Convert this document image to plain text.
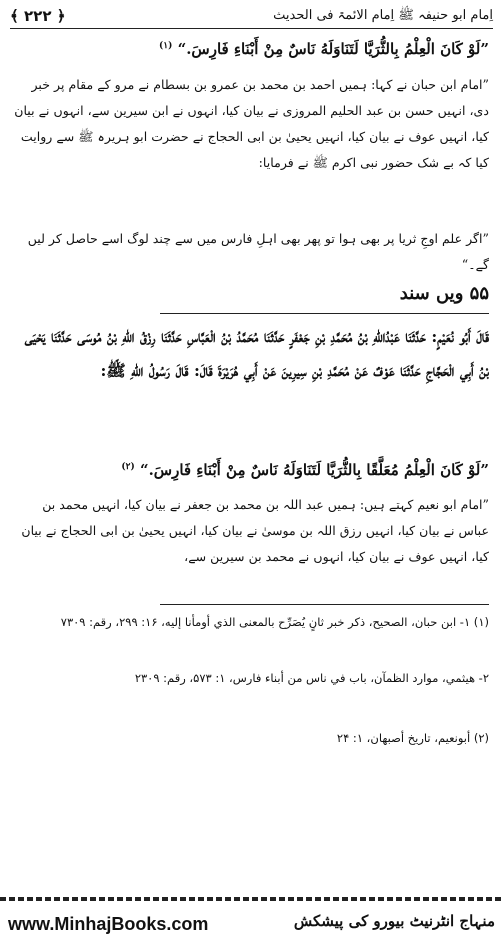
اِمام ابو حنیفہ ﷺ اِمام الائمۃ فی الحدیث
﴾ ۲۲۲ ﴿
”لَوْ كَانَ الْعِلْمُ بِالثُّرَيَّا لَتَنَاوَلَهُ نَاسٌ مِنْ أَبْنَاءِ فَارِسَ.“ $^{(۱)}$
”امام ابن حبان نے کہا: ہمیں احمد بن محمد بن عمرو بن بسطام نے مرو کے مقام پر خبر دی، انہیں حسن بن عبد الحلیم المروزی نے بیان کیا، انہوں نے ابن سیرین سے، انہوں نے بیان کیا، انہیں عوف نے بیان کیا، انہیں یحییٰ بن ابی الحجاج نے حضرت ابو ہریرہ ﷺ سے روایت کیا کہ بے شک حضور نبی اکرم ﷺ نے فرمایا:
”اگر علم اوجِ ثریا پر بھی ہوا تو پھر بھی اہلِ فارس میں سے چند لوگ اسے حاصل کر لیں گے۔“
۵۵ ویں سند
قَالَ أَبُو نُعَيْمٍ: حَدَّثَنَا عَبْدُاللهِ بْنُ مُحَمَّدِ بْنِ جَعْفَرٍ حَدَّثَنَا مُحَمَّدُ بْنُ الْعَبَّاسِ حَدَّثَنَا رِزْقُ اللهِ بْنُ مُوسَى حَدَّثَنَا يَحْيَى بْنُ أَبِي الْحَجَّاجِ حَدَّثَنَا عَوْفٌ عَنْ مُحَمَّدِ بْنِ سِيرِينَ عَنْ أَبِي هُرَيْرَةَ قَالَ: قَالَ رَسُولُ اللهِ ﷺ:
”لَوْ كَانَ الْعِلْمُ مُعَلَّقًا بِالثُّرَيَّا لَتَنَاوَلَهُ نَاسٌ مِنْ أَبْنَاءِ فَارِسَ.“ $^{(۲)}$
”امام ابو نعیم کہتے ہیں: ہمیں عبد اللہ بن محمد بن جعفر نے بیان کیا، انہیں محمد بن عباس نے بیان کیا، انہیں رزق اللہ بن موسیٰ نے بیان کیا، انہیں یحییٰ بن ابی الحجاج نے بیان کیا، انہیں عوف نے بیان کیا، انہوں نے محمد بن سیرین سے،
(۱) ۱- ابن حبان، الصحيح، ذكر خبر ثانٍ يُصَرِّح بالمعنى الذي أومأنا إليه، ۱۶: ۲۹۹، رقم: ۷۳۰۹
۲- هيثمي، موارد الظمآن، باب في ناس من أبناء فارس، ۱: ۵۷۳، رقم: ۲۳۰۹
(۲) أبونعيم، تاريخ أصبهان، ۱: ۲۴
www.MinhajBooks.com	منہاج انٹرنیٹ بیورو کی پیشکش
